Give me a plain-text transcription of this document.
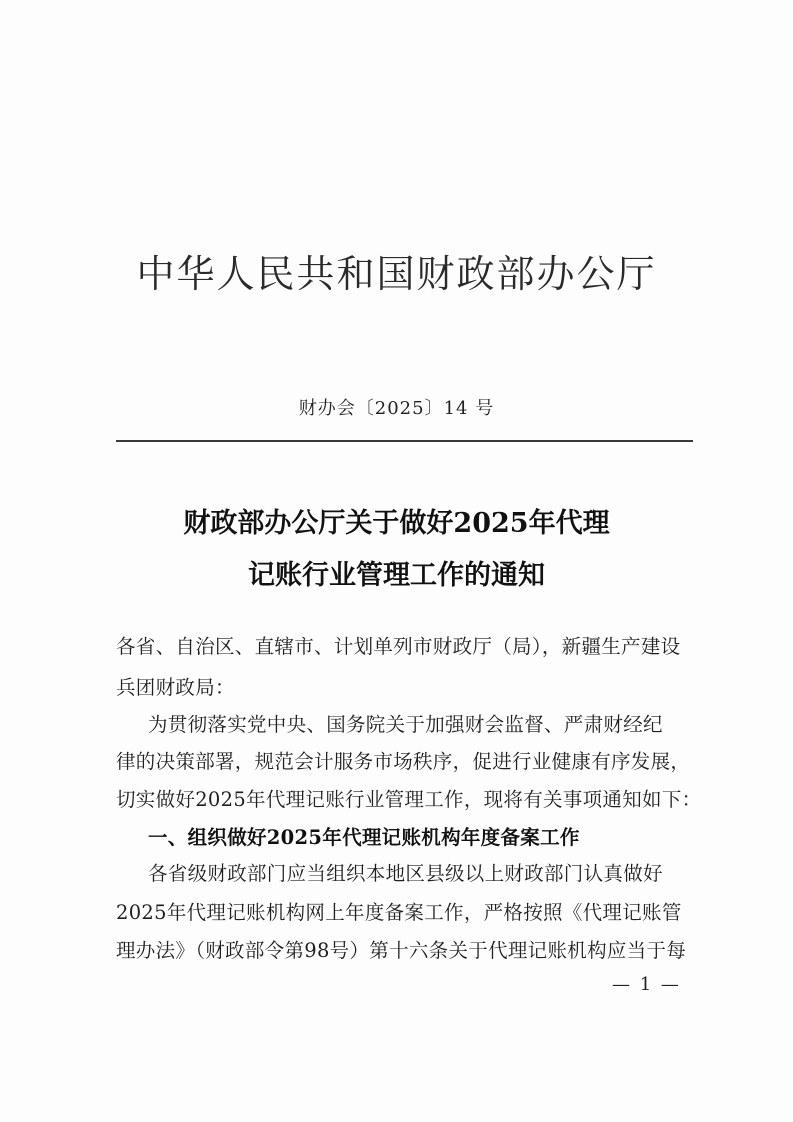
中华人民共和国财政部办公厅
财办会〔2025〕14 号
财政部办公厅关于做好2025年代理
记账行业管理工作的通知
各省、自治区、直辖市、计划单列市财政厅（局），新疆生产建设
兵团财政局：
为贯彻落实党中央、国务院关于加强财会监督、严肃财经纪
律的决策部署，规范会计服务市场秩序，促进行业健康有序发展，
切实做好2025年代理记账行业管理工作，现将有关事项通知如下：
一、组织做好2025年代理记账机构年度备案工作
各省级财政部门应当组织本地区县级以上财政部门认真做好
2025年代理记账机构网上年度备案工作，严格按照《代理记账管
理办法》（财政部令第98号）第十六条关于代理记账机构应当于每
— 1 —
